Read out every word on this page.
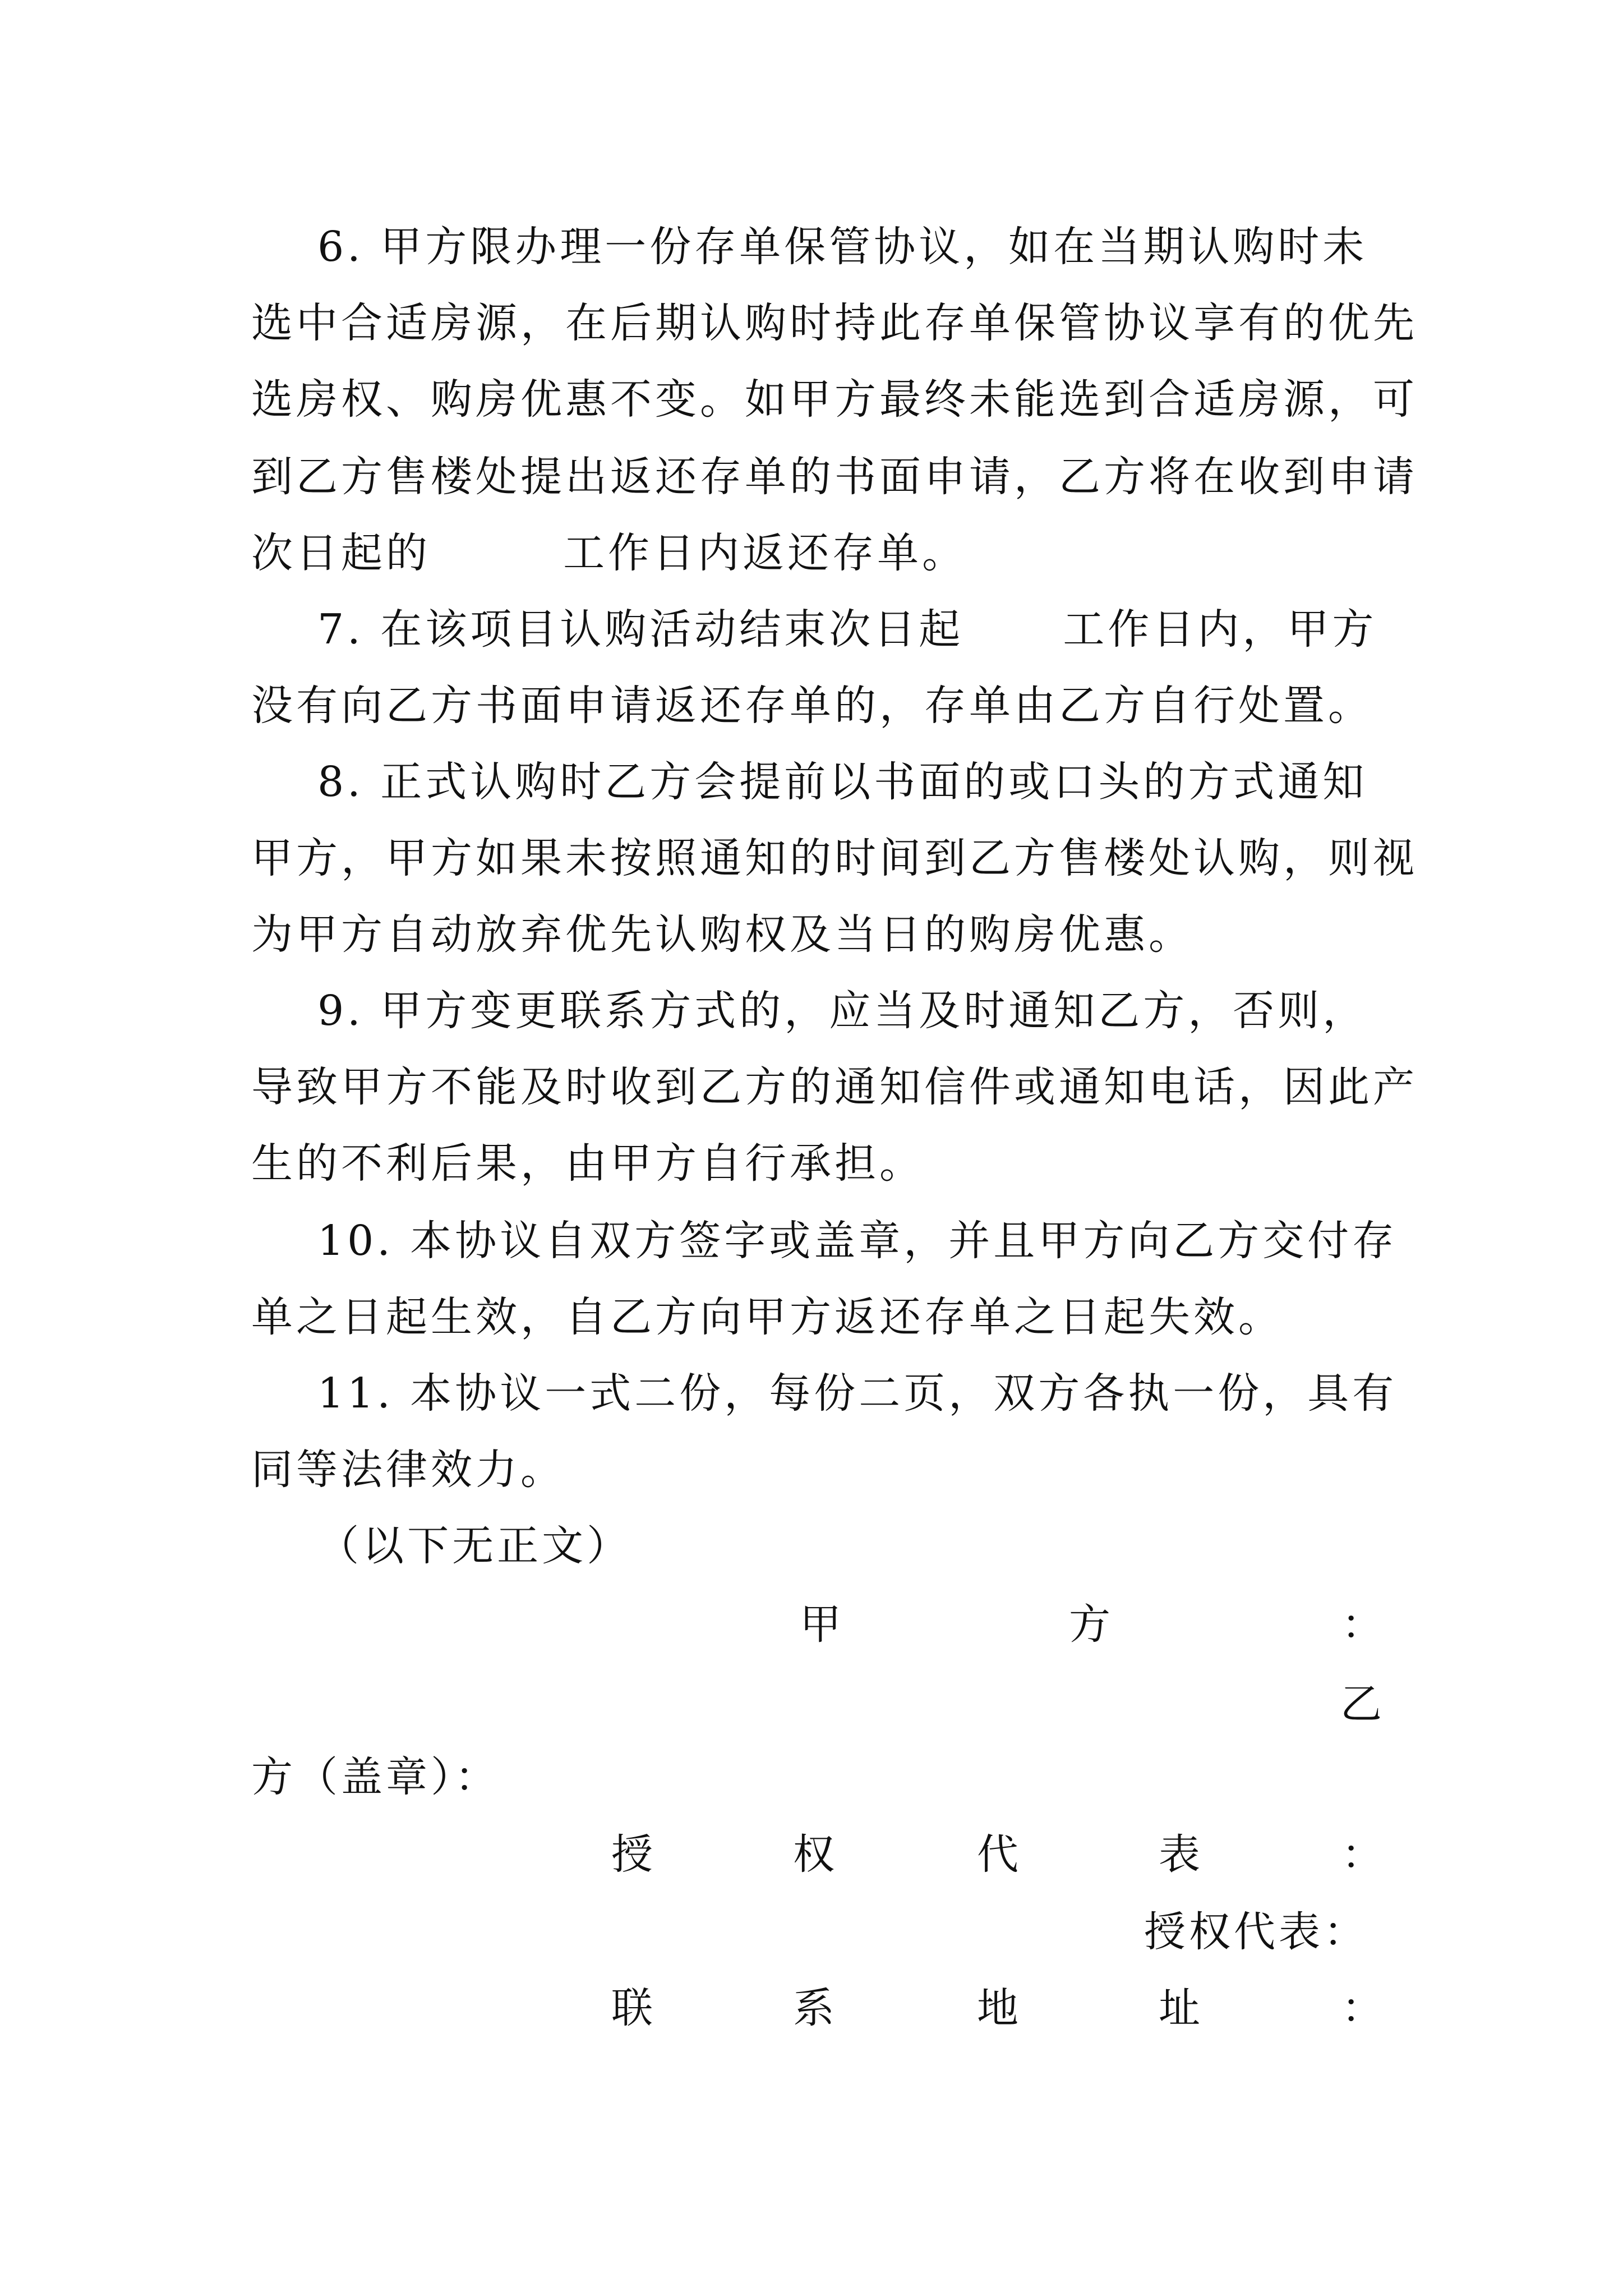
6. 甲方限办理一份存单保管协议，如在当期认购时未
选中合适房源，在后期认购时持此存单保管协议享有的优先
选房权、购房优惠不变。如甲方最终未能选到合适房源，可
到乙方售楼处提出返还存单的书面申请，乙方将在收到申请
次日起的        工作日内返还存单。
7. 在该项目认购活动结束次日起      工作日内，甲方
没有向乙方书面申请返还存单的，存单由乙方自行处置。
8. 正式认购时乙方会提前以书面的或口头的方式通知
甲方，甲方如果未按照通知的时间到乙方售楼处认购，则视
为甲方自动放弃优先认购权及当日的购房优惠。
9. 甲方变更联系方式的，应当及时通知乙方，否则，
导致甲方不能及时收到乙方的通知信件或通知电话，因此产
生的不利后果，由甲方自行承担。
10. 本协议自双方签字或盖章，并且甲方向乙方交付存
单之日起生效，自乙方向甲方返还存单之日起失效。
11. 本协议一式二份，每份二页，双方各执一份，具有
同等法律效力。
（以下无正文）
甲	方	：
乙
方（盖章）：
授	权	代	表	：
授权代表：
联	系	地	址	：
